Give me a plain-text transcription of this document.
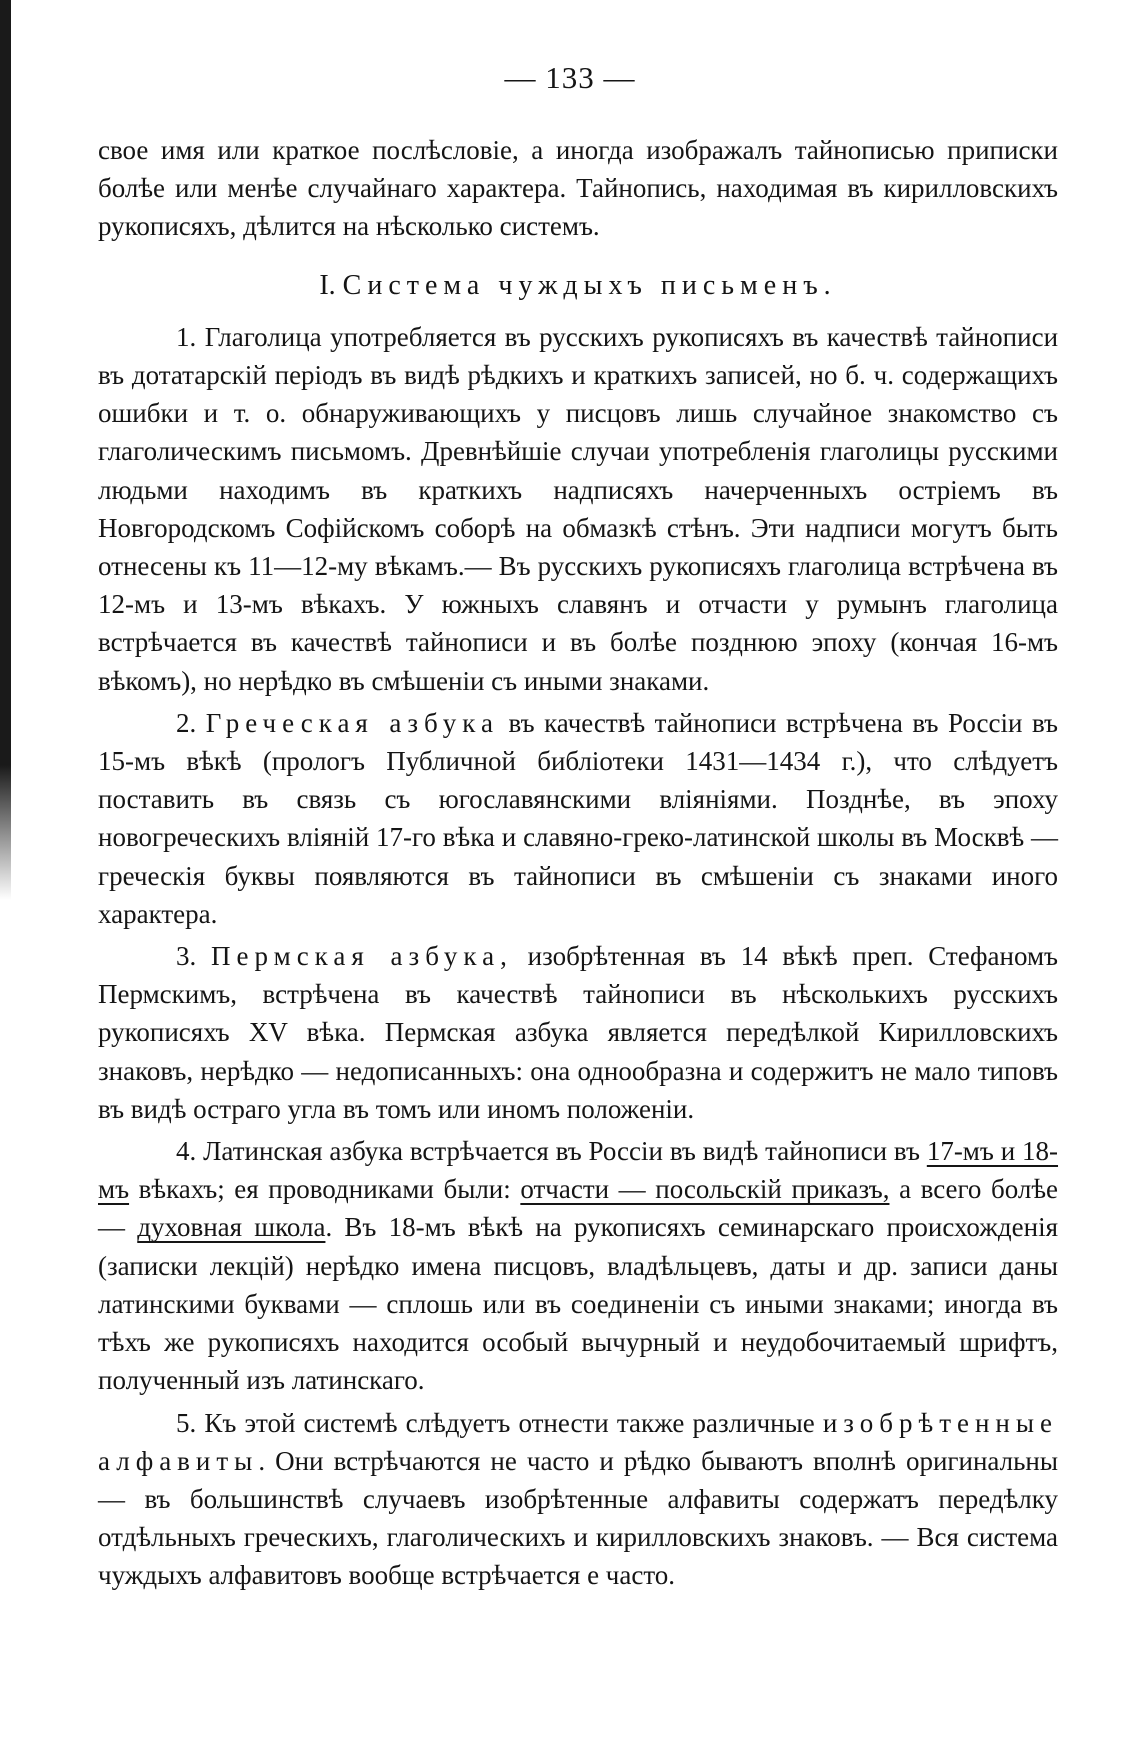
— 133 —

свое имя или краткое послѣсловіе, а иногда изображалъ тайнописью приписки болѣе или менѣе случайнаго характера. Тайнопись, находимая въ кирилловскихъ рукописяхъ, дѣлится на нѣсколько системъ.

I. Система чуждыхъ письменъ.

1. Глаголица употребляется въ русскихъ рукописяхъ въ качествѣ тайнописи въ дотатарскій періодъ въ видѣ рѣдкихъ и краткихъ записей, но б. ч. содержащихъ ошибки и т. о. обнаруживающихъ у писцовъ лишь случайное знакомство съ глаголическимъ письмомъ. Древнѣйшіе случаи употребленія глаголицы русскими людьми находимъ въ краткихъ надписяхъ начерченныхъ остріемъ въ Новгородскомъ Софійскомъ соборѣ на обмазкѣ стѣнъ. Эти надписи могутъ быть отнесены къ 11—12-му вѣкамъ.— Въ русскихъ рукописяхъ глаголица встрѣчена въ 12-мъ и 13-мъ вѣкахъ. У южныхъ славянъ и отчасти у румынъ глаголица встрѣчается въ качествѣ тайнописи и въ болѣе позднюю эпоху (кончая 16-мъ вѣкомъ), но нерѣдко въ смѣшеніи съ иными знаками.

2. Греческая азбука въ качествѣ тайнописи встрѣчена въ Россіи въ 15-мъ вѣкѣ (прологъ Публичной библіотеки 1431—1434 г.), что слѣдуетъ поставить въ связь съ югославянскими вліяніями. Позднѣе, въ эпоху новогреческихъ вліяній 17-го вѣка и славяно-греко-латинской школы въ Москвѣ — греческія буквы появляются въ тайнописи въ смѣшеніи съ знаками иного характера.

3. Пермская азбука, изобрѣтенная въ 14 вѣкѣ преп. Стефаномъ Пермскимъ, встрѣчена въ качествѣ тайнописи въ нѣсколькихъ русскихъ рукописяхъ XV вѣка. Пермская азбука является передѣлкой Кирилловскихъ знаковъ, нерѣдко — недописанныхъ: она однообразна и содержитъ не мало типовъ въ видѣ остраго угла въ томъ или иномъ положеніи.

4. Латинская азбука встрѣчается въ Россіи въ видѣ тайнописи въ 17-мъ и 18-мъ вѣкахъ; ея проводниками были: отчасти — посольскій приказъ, а всего болѣе — духовная школа. Въ 18-мъ вѣкѣ на рукописяхъ семинарскаго происхожденія (записки лекцій) нерѣдко имена писцовъ, владѣльцевъ, даты и др. записи даны латинскими буквами — сплошь или въ соединеніи съ иными знаками; иногда въ тѣхъ же рукописяхъ находится особый вычурный и неудобочитаемый шрифтъ, полученный изъ латинскаго.

5. Къ этой системѣ слѣдуетъ отнести также различные изобрѣтенные алфавиты. Они встрѣчаются не часто и рѣдко бываютъ вполнѣ оригинальны — въ большинствѣ случаевъ изобрѣтенные алфавиты содержатъ передѣлку отдѣльныхъ греческихъ, глаголическихъ и кирилловскихъ знаковъ. — Вся система чуждыхъ алфавитовъ вообще встрѣчается е часто.
